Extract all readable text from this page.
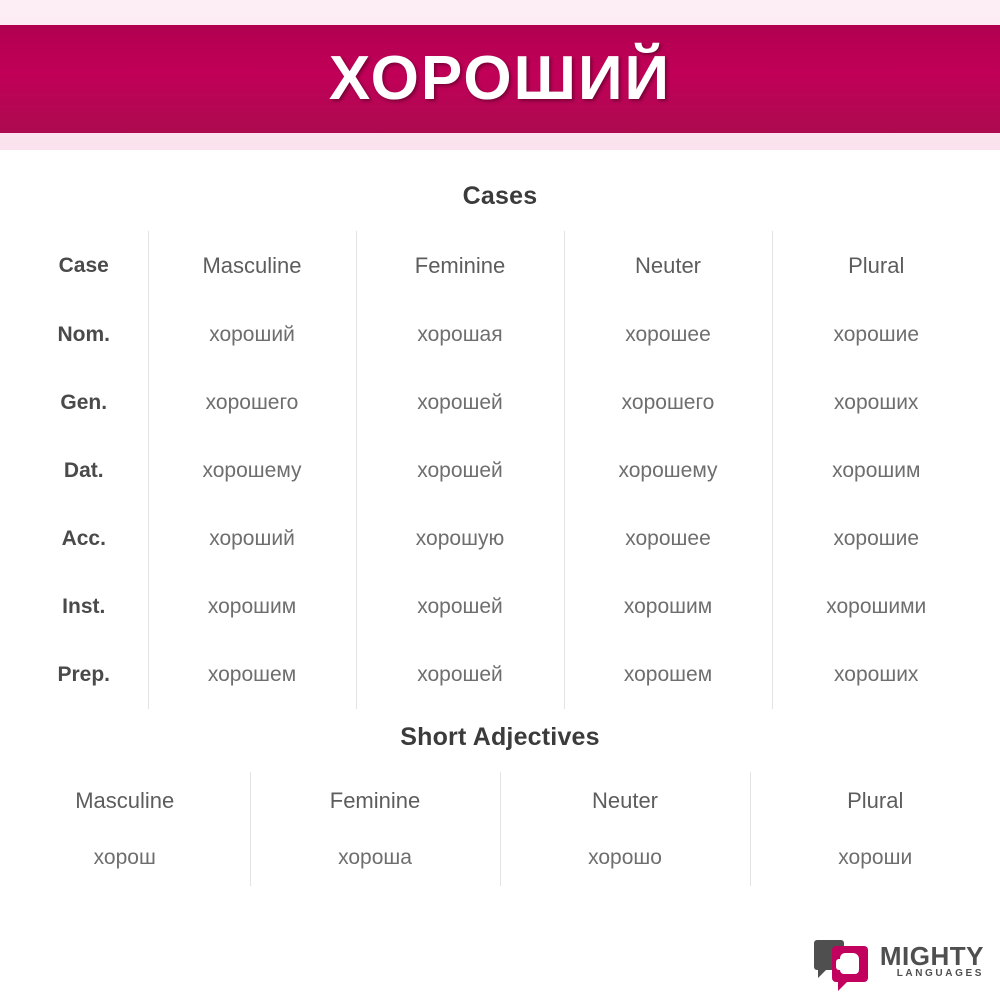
ХОРОШИЙ
Cases
Case	Masculine	Feminine	Neuter	Plural
Nom.	хороший	хорошая	хорошее	хорошие
Gen.	хорошего	хорошей	хорошего	хороших
Dat.	хорошему	хорошей	хорошему	хорошим
Acc.	хороший	хорошую	хорошее	хорошие
Inst.	хорошим	хорошей	хорошим	хорошими
Prep.	хорошем	хорошей	хорошем	хороших
Short Adjectives
Masculine	Feminine	Neuter	Plural
хорош	хороша	хорошо	хороши
MIGHTY
LANGUAGES
